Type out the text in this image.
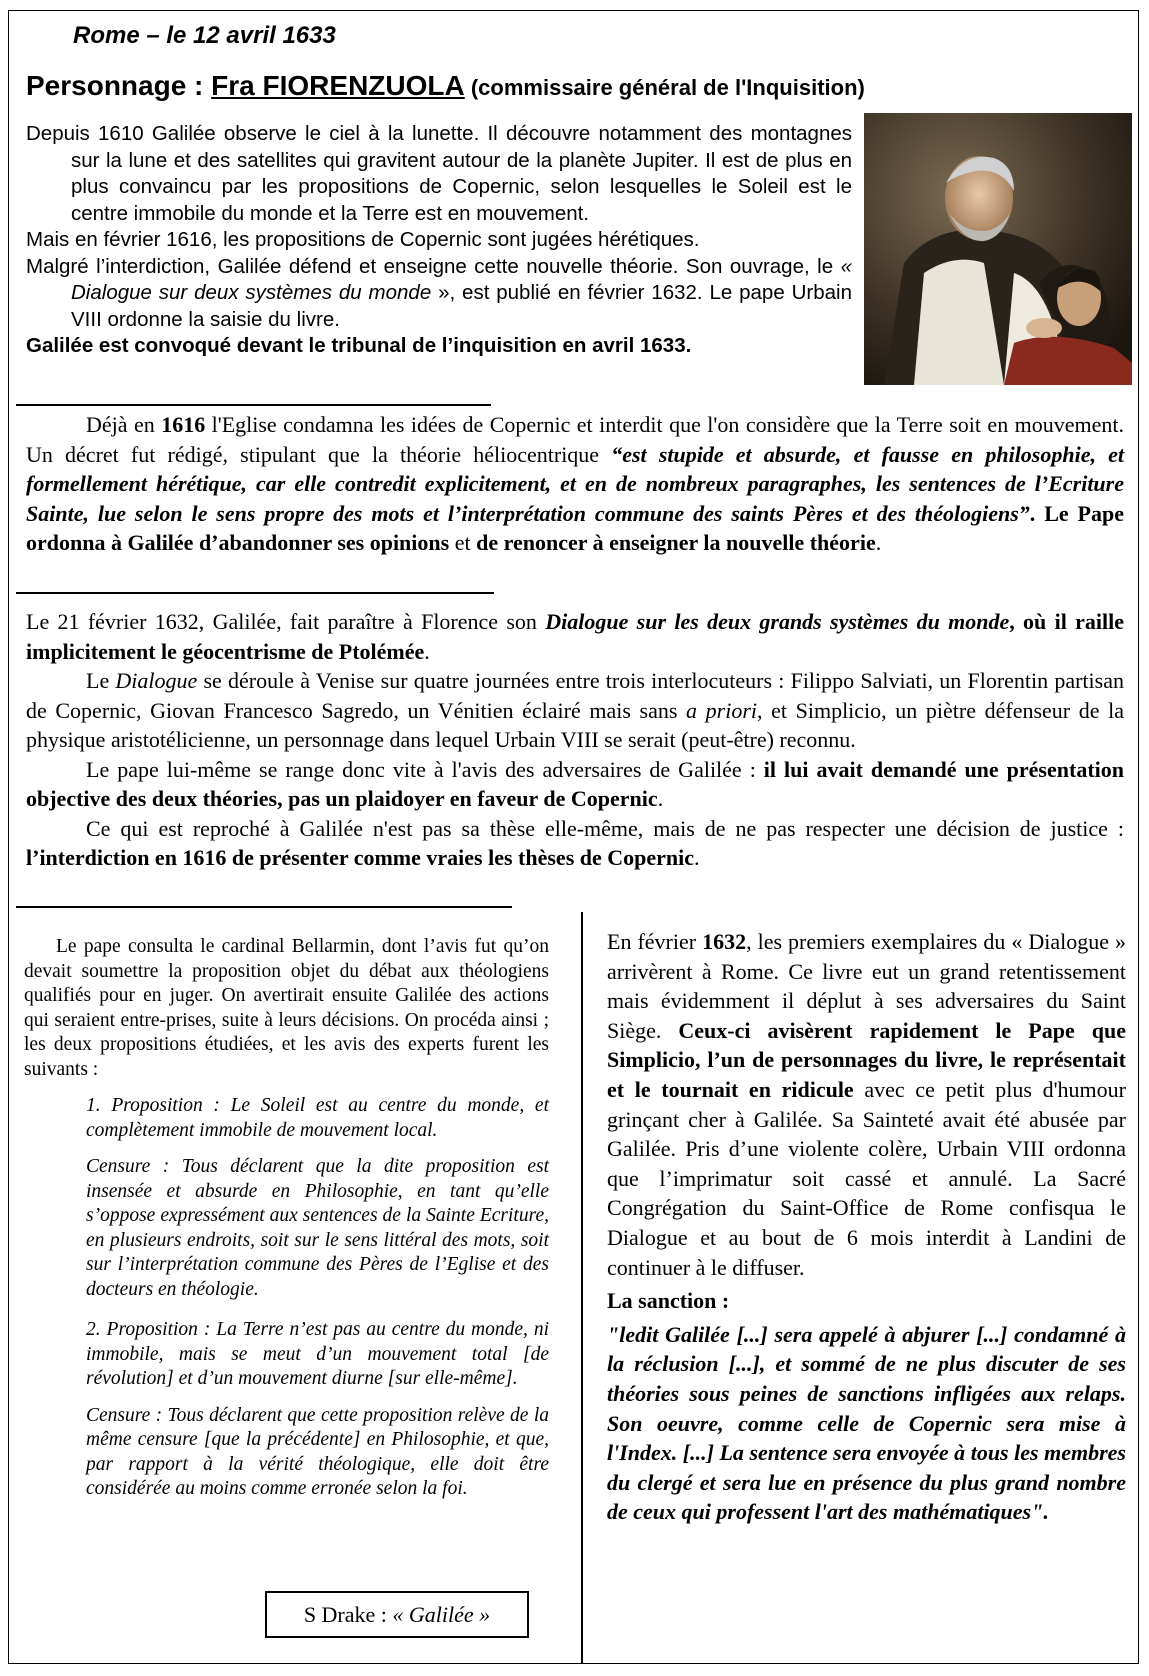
Rome – le 12 avril 1633
Personnage : Fra FIORENZUOLA (commissaire général de l'Inquisition)

Depuis 1610 Galilée observe le ciel à la lunette. Il découvre notamment des montagnes sur la lune et des satellites qui gravitent autour de la planète Jupiter. Il est de plus en plus convaincu par les propositions de Copernic, selon lesquelles le Soleil est le centre immobile du monde et la Terre est en mouvement.

Mais en février 1616, les propositions de Copernic sont jugées hérétiques.

Malgré l’interdiction, Galilée défend et enseigne cette nouvelle théorie. Son ouvrage, le « Dialogue sur deux systèmes du monde », est publié en février 1632. Le pape Urbain VIII ordonne la saisie du livre.

Galilée est convoqué devant le tribunal de l’inquisition en avril 1633.

Déjà en 1616 l'Eglise condamna les idées de Copernic et interdit que l'on considère que la Terre soit en mouvement. Un décret fut rédigé, stipulant que la théorie héliocentrique “est stupide et absurde, et fausse en philosophie, et formellement hérétique, car elle contredit explicitement, et en de nombreux paragraphes, les sentences de l’Ecriture Sainte, lue selon le sens propre des mots et l’interprétation commune des saints Pères et des théologiens”. Le Pape ordonna à Galilée d’abandonner ses opinions et de renoncer à enseigner la nouvelle théorie.

Le 21 février 1632, Galilée, fait paraître à Florence son Dialogue sur les deux grands systèmes du monde, où il raille implicitement le géocentrisme de Ptolémée.

Le Dialogue se déroule à Venise sur quatre journées entre trois interlocuteurs : Filippo Salviati, un Florentin partisan de Copernic, Giovan Francesco Sagredo, un Vénitien éclairé mais sans a priori, et Simplicio, un piètre défenseur de la physique aristotélicienne, un personnage dans lequel Urbain VIII se serait (peut-être) reconnu.

Le pape lui-même se range donc vite à l'avis des adversaires de Galilée : il lui avait demandé une présentation objective des deux théories, pas un plaidoyer en faveur de Copernic.

Ce qui est reproché à Galilée n'est pas sa thèse elle-même, mais de ne pas respecter une décision de justice : l’interdiction en 1616 de présenter comme vraies les thèses de Copernic.

Le pape consulta le cardinal Bellarmin, dont l’avis fut qu’on devait soumettre la proposition objet du débat aux théologiens qualifiés pour en juger. On avertirait ensuite Galilée des actions qui seraient entre-prises, suite à leurs décisions. On procéda ainsi ; les deux propositions étudiées, et les avis des experts furent les suivants :

1. Proposition : Le Soleil est au centre du monde, et complètement immobile de mouvement local.

Censure : Tous déclarent que la dite proposition est insensée et absurde en Philosophie, en tant qu’elle s’oppose expressément aux sentences de la Sainte Ecriture, en plusieurs endroits, soit sur le sens littéral des mots, soit sur l’interprétation commune des Pères de l’Eglise et des docteurs en théologie.

2. Proposition : La Terre n’est pas au centre du monde, ni immobile, mais se meut d’un mouvement total [de révolution] et d’un mouvement diurne [sur elle-même].

Censure : Tous déclarent que cette proposition relève de la même censure [que la précédente] en Philosophie, et que, par rapport à la vérité théologique, elle doit être considérée au moins comme erronée selon la foi.

S Drake : « Galilée »

En février 1632, les premiers exemplaires du « Dialogue » arrivèrent à Rome. Ce livre eut un grand retentissement mais évidemment il déplut à ses adversaires du Saint Siège. Ceux-ci avisèrent rapidement le Pape que Simplicio, l’un de personnages du livre, le représentait et le tournait en ridicule avec ce petit plus d'humour grinçant cher à Galilée. Sa Sainteté avait été abusée par Galilée. Pris d’une violente colère, Urbain VIII ordonna que l’imprimatur soit cassé et annulé. La Sacré Congrégation du Saint-Office de Rome confisqua le Dialogue et au bout de 6 mois interdit à Landini de continuer à le diffuser.

La sanction :

"ledit Galilée [...] sera appelé à abjurer [...] condamné à la réclusion [...], et sommé de ne plus discuter de ses théories sous peines de sanctions infligées aux relaps. Son oeuvre, comme celle de Copernic sera mise à l'Index. [...] La sentence sera envoyée à tous les membres du clergé et sera lue en présence du plus grand nombre de ceux qui professent l'art des mathématiques".
